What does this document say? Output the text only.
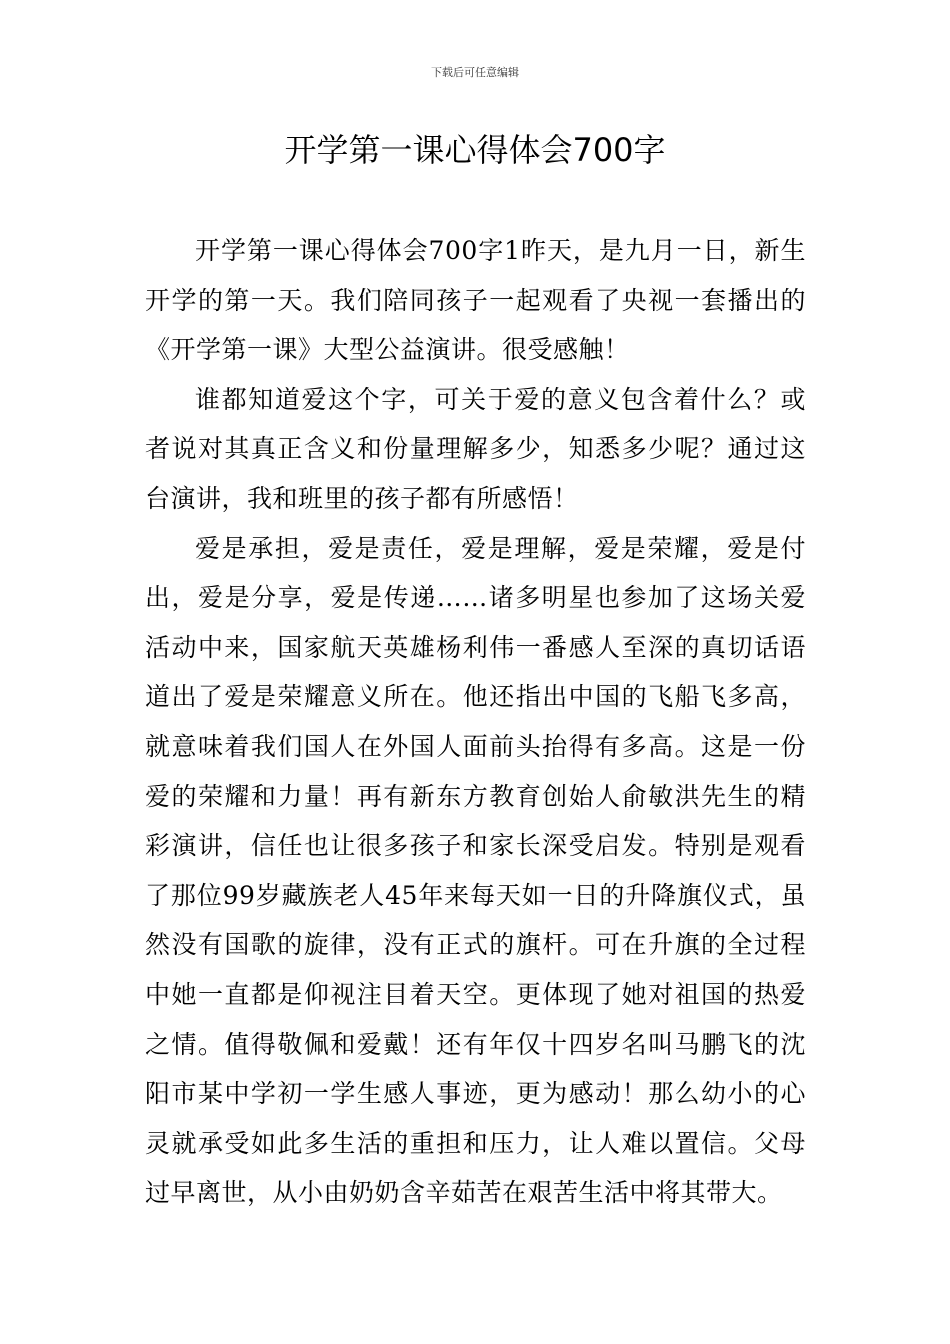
下载后可任意编辑
开学第一课心得体会700字

开学第一课心得体会700字1昨天，是九月一日，新生开学的第一天。我们陪同孩子一起观看了央视一套播出的《开学第一课》大型公益演讲。很受感触！

谁都知道爱这个字，可关于爱的意义包含着什么？或者说对其真正含义和份量理解多少，知悉多少呢？通过这台演讲，我和班里的孩子都有所感悟！

爱是承担，爱是责任，爱是理解，爱是荣耀，爱是付出，爱是分享，爱是传递……诸多明星也参加了这场关爱活动中来，国家航天英雄杨利伟一番感人至深的真切话语道出了爱是荣耀意义所在。他还指出中国的飞船飞多高，就意味着我们国人在外国人面前头抬得有多高。这是一份爱的荣耀和力量！再有新东方教育创始人俞敏洪先生的精彩演讲，信任也让很多孩子和家长深受启发。特别是观看了那位99岁藏族老人45年来每天如一日的升降旗仪式，虽然没有国歌的旋律，没有正式的旗杆。可在升旗的全过程中她一直都是仰视注目着天空。更体现了她对祖国的热爱之情。值得敬佩和爱戴！还有年仅十四岁名叫马鹏飞的沈阳市某中学初一学生感人事迹，更为感动！那么幼小的心灵就承受如此多生活的重担和压力，让人难以置信。父母过早离世，从小由奶奶含辛茹苦在艰苦生活中将其带大。
